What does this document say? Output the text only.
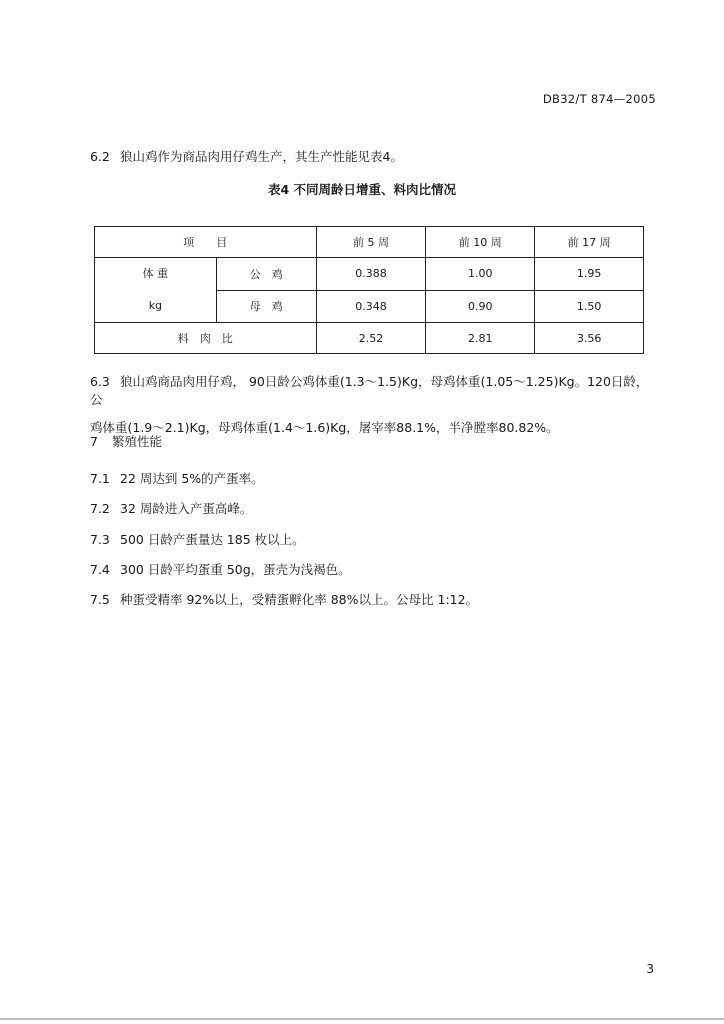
DB32/T 874—2005
6.2 狼山鸡作为商品肉用仔鸡生产，其生产性能见表4。
表4 不同周龄日增重、料肉比情况
项　　目		前 5 周	前 10 周	前 17 周

体 重
kg	公　鸡	0.388	1.00	1.95
	母　鸡	0.348	0.90	1.50
料　肉　比		2.52	2.81	3.56
6.3 狼山鸡商品肉用仔鸡， 90日龄公鸡体重(1.3～1.5)Kg，母鸡体重(1.05～1.25)Kg。120日龄，公
鸡体重(1.9～2.1)Kg，母鸡体重(1.4～1.6)Kg，屠宰率88.1%，半净膛率80.82%。
7 繁殖性能
7.1 22 周达到 5%的产蛋率。
7.2 32 周龄进入产蛋高峰。
7.3 500 日龄产蛋量达 185 枚以上。
7.4 300 日龄平均蛋重 50g，蛋壳为浅褐色。
7.5 种蛋受精率 92%以上，受精蛋孵化率 88%以上。公母比 1:12。
3
